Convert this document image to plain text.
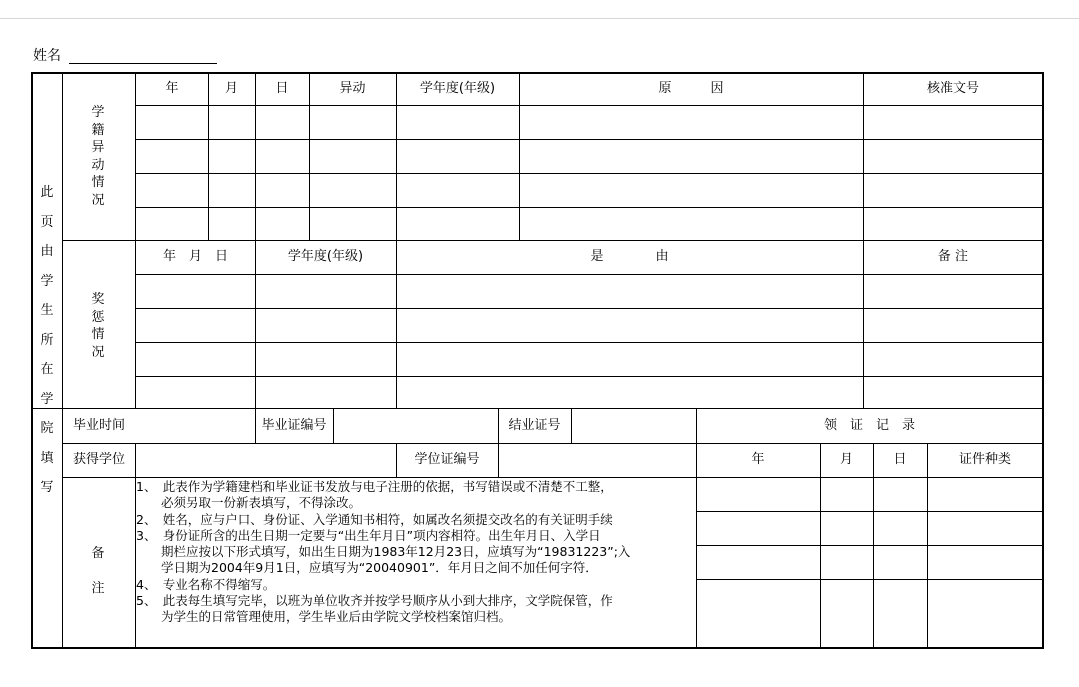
姓名
此页由学生所在学院填写
学籍异动情况
奖惩情况
备注
年	月	日	异动	学年度(年级)	原　　　因	核准文号
年　月　日	学年度(年级)	是　　　　由	备 注
毕业时间	毕业证编号	结业证号	领　证　记　录
获得学位	学位证编号	年	月	日	证件种类
1、　此表作为学籍建档和毕业证书发放与电子注册的依据，书写错误或不清楚不工整，
　　必须另取一份新表填写，不得涂改。
2、　姓名，应与户口、身份证、入学通知书相符，如属改名须提交改名的有关证明手续
3、　身份证所含的出生日期一定要与“出生年月日”项内容相符。出生年月日、入学日
　　期栏应按以下形式填写，如出生日期为1983年12月23日，应填写为“19831223”;入
　　学日期为2004年9月1日，应填写为“20040901”．年月日之间不加任何字符．
4、　专业名称不得缩写。
5、　此表每生填写完毕，以班为单位收齐并按学号顺序从小到大排序，文学院保管，作
　　为学生的日常管理使用，学生毕业后由学院文学校档案馆归档。
